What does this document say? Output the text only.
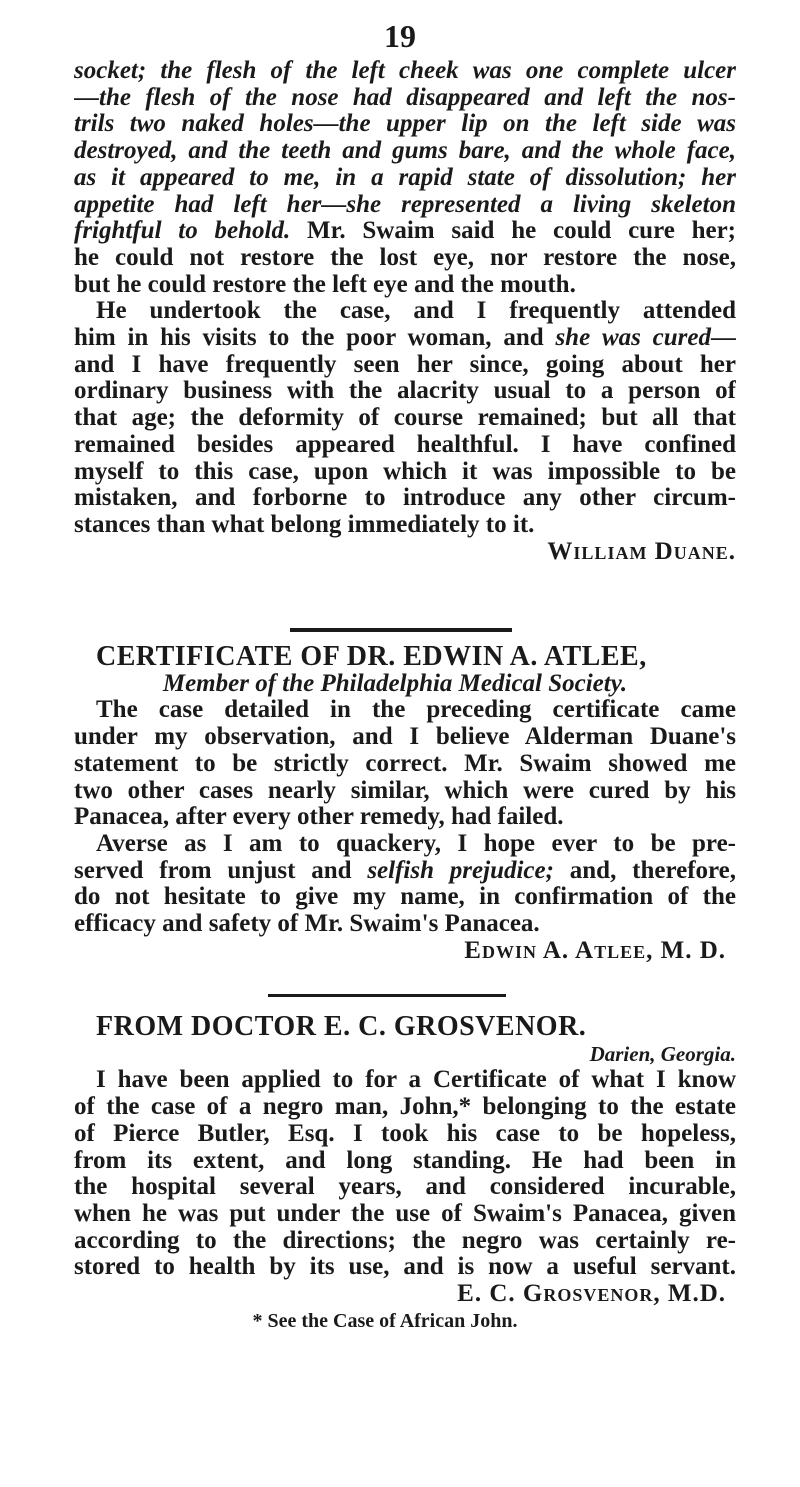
19
socket; the flesh of the left cheek was one complete ulcer
—the flesh of the nose had disappeared and left the nos-
trils two naked holes—the upper lip on the left side was
destroyed, and the teeth and gums bare, and the whole face,
as it appeared to me, in a rapid state of dissolution; her
appetite had left her—she represented a living skeleton
frightful to behold. Mr. Swaim said he could cure her;
he could not restore the lost eye, nor restore the nose,
but he could restore the left eye and the mouth.
He undertook the case, and I frequently attended
him in his visits to the poor woman, and she was cured—
and I have frequently seen her since, going about her
ordinary business with the alacrity usual to a person of
that age; the deformity of course remained; but all that
remained besides appeared healthful. I have confined
myself to this case, upon which it was impossible to be
mistaken, and forborne to introduce any other circum-
stances than what belong immediately to it.
William Duane.
CERTIFICATE OF DR. EDWIN A. ATLEE,
Member of the Philadelphia Medical Society.
The case detailed in the preceding certificate came
under my observation, and I believe Alderman Duane's
statement to be strictly correct. Mr. Swaim showed me
two other cases nearly similar, which were cured by his
Panacea, after every other remedy, had failed.
Averse as I am to quackery, I hope ever to be pre-
served from unjust and selfish prejudice; and, therefore,
do not hesitate to give my name, in confirmation of the
efficacy and safety of Mr. Swaim's Panacea.
Edwin A. Atlee, M. D.
FROM DOCTOR E. C. GROSVENOR.
Darien, Georgia.
I have been applied to for a Certificate of what I know
of the case of a negro man, John,* belonging to the estate
of Pierce Butler, Esq. I took his case to be hopeless,
from its extent, and long standing. He had been in
the hospital several years, and considered incurable,
when he was put under the use of Swaim's Panacea, given
according to the directions; the negro was certainly re-
stored to health by its use, and is now a useful servant.
E. C. Grosvenor, M.D.
* See the Case of African John.
